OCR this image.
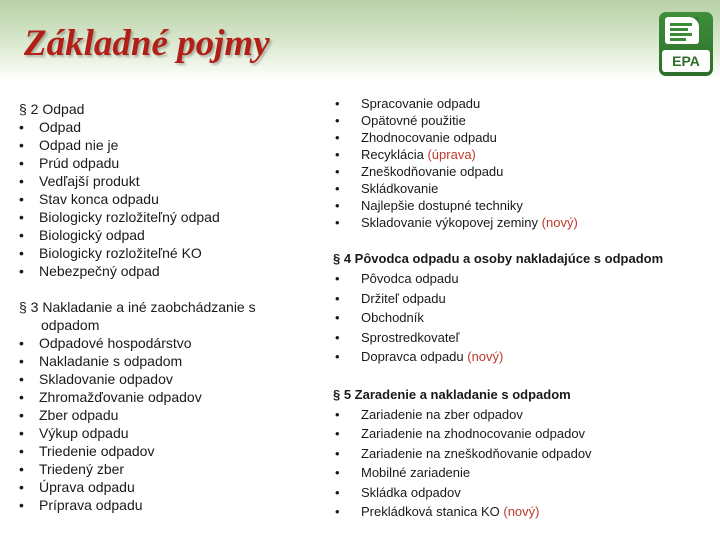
Základné pojmy	EPA

§ 2 Odpad

• Odpad
• Odpad nie je
• Prúd odpadu
• Vedľajší produkt
• Stav konca odpadu
• Biologicky rozložiteľný odpad
• Biologický odpad
• Biologicky rozložiteľné KO
• Nebezpečný odpad

§ 3 Nakladanie a iné zaobchádzanie s
odpadom

• Odpadové hospodárstvo
• Nakladanie s odpadom
• Skladovanie odpadov
• Zhromažďovanie odpadov
• Zber odpadu
• Výkup odpadu
• Triedenie odpadov
• Triedený zber
• Úprava odpadu
• Príprava odpadu
• Spracovanie odpadu
• Opätovné použitie
• Zhodnocovanie odpadu
• Recyklácia (úprava)
• Zneškodňovanie odpadu
• Skládkovanie
• Najlepšie dostupné techniky
• Skladovanie výkopovej zeminy (nový)

§ 4 Pôvodca odpadu a osoby nakladajúce s odpadom

• Pôvodca odpadu
• Držiteľ odpadu
• Obchodník
• Sprostredkovateľ
• Dopravca odpadu (nový)

§ 5 Zaradenie a nakladanie s odpadom

• Zariadenie na zber odpadov
• Zariadenie na zhodnocovanie odpadov
• Zariadenie na zneškodňovanie odpadov
• Mobilné zariadenie
• Skládka odpadov
• Prekládková stanica KO (nový)
